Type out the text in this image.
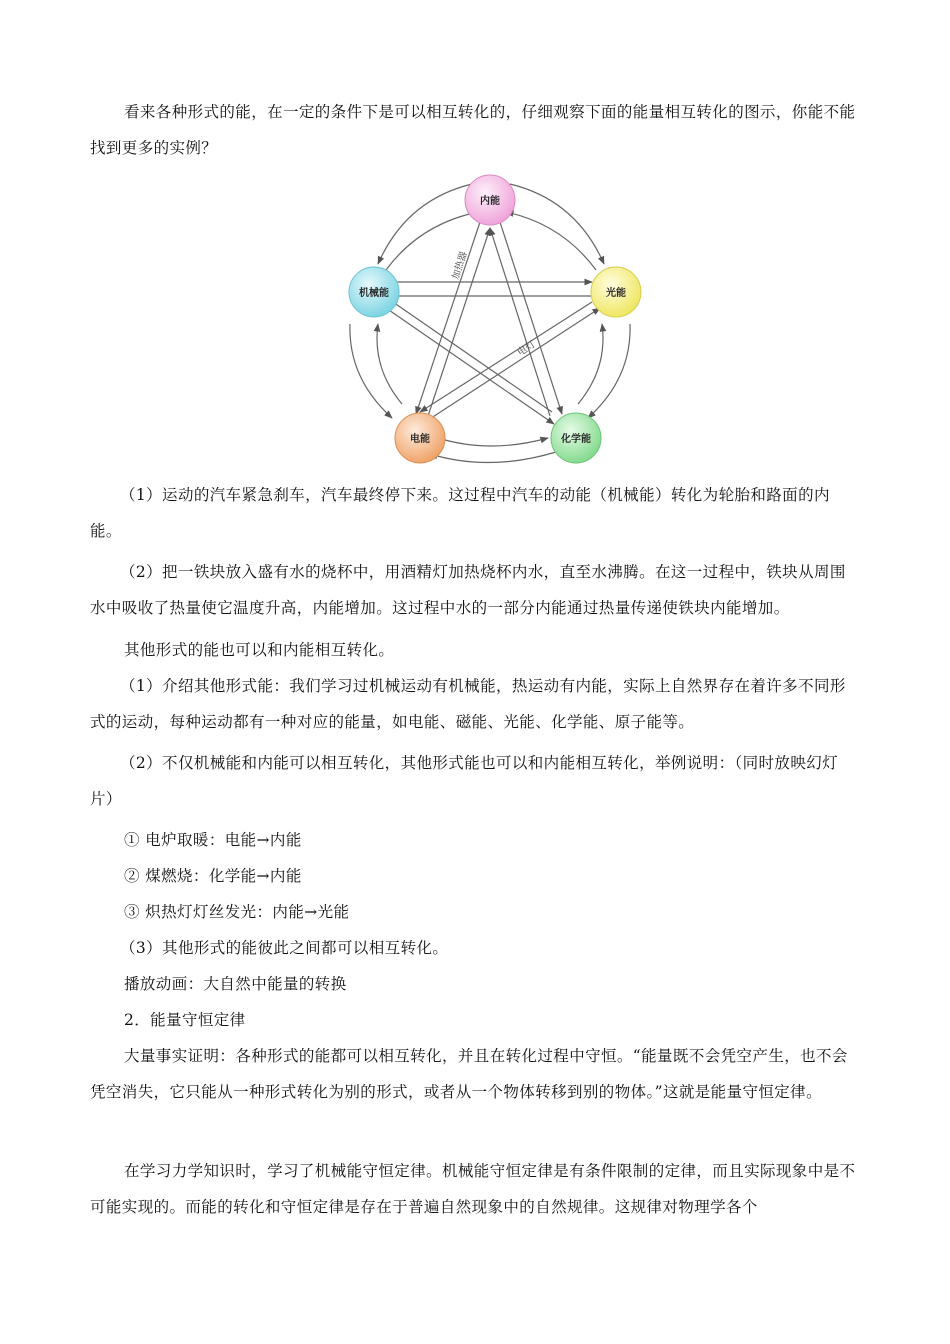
看来各种形式的能，在一定的条件下是可以相互转化的，仔细观察下面的能量相互转化的图示，你能不能找到更多的实例？

加热器
电灯
内能
机械能	光能
电能	化学能

（1）运动的汽车紧急刹车，汽车最终停下来。这过程中汽车的动能（机械能）转化为轮胎和路面的内能。

（2）把一铁块放入盛有水的烧杯中，用酒精灯加热烧杯内水，直至水沸腾。在这一过程中，铁块从周围水中吸收了热量使它温度升高，内能增加。这过程中水的一部分内能通过热量传递使铁块内能增加。

其他形式的能也可以和内能相互转化。

（1）介绍其他形式能：我们学习过机械运动有机械能，热运动有内能，实际上自然界存在着许多不同形式的运动，每种运动都有一种对应的能量，如电能、磁能、光能、化学能、原子能等。

（2）不仅机械能和内能可以相互转化，其他形式能也可以和内能相互转化，举例说明：（同时放映幻灯片）

① 电炉取暖：电能→内能

② 煤燃烧：化学能→内能

③ 炽热灯灯丝发光：内能→光能

（3）其他形式的能彼此之间都可以相互转化。

播放动画：大自然中能量的转换

2．能量守恒定律

大量事实证明：各种形式的能都可以相互转化，并且在转化过程中守恒。“能量既不会凭空产生，也不会凭空消失，它只能从一种形式转化为别的形式，或者从一个物体转移到别的物体。”这就是能量守恒定律。

在学习力学知识时，学习了机械能守恒定律。机械能守恒定律是有条件限制的定律，而且实际现象中是不可能实现的。而能的转化和守恒定律是存在于普遍自然现象中的自然规律。这规律对物理学各个
